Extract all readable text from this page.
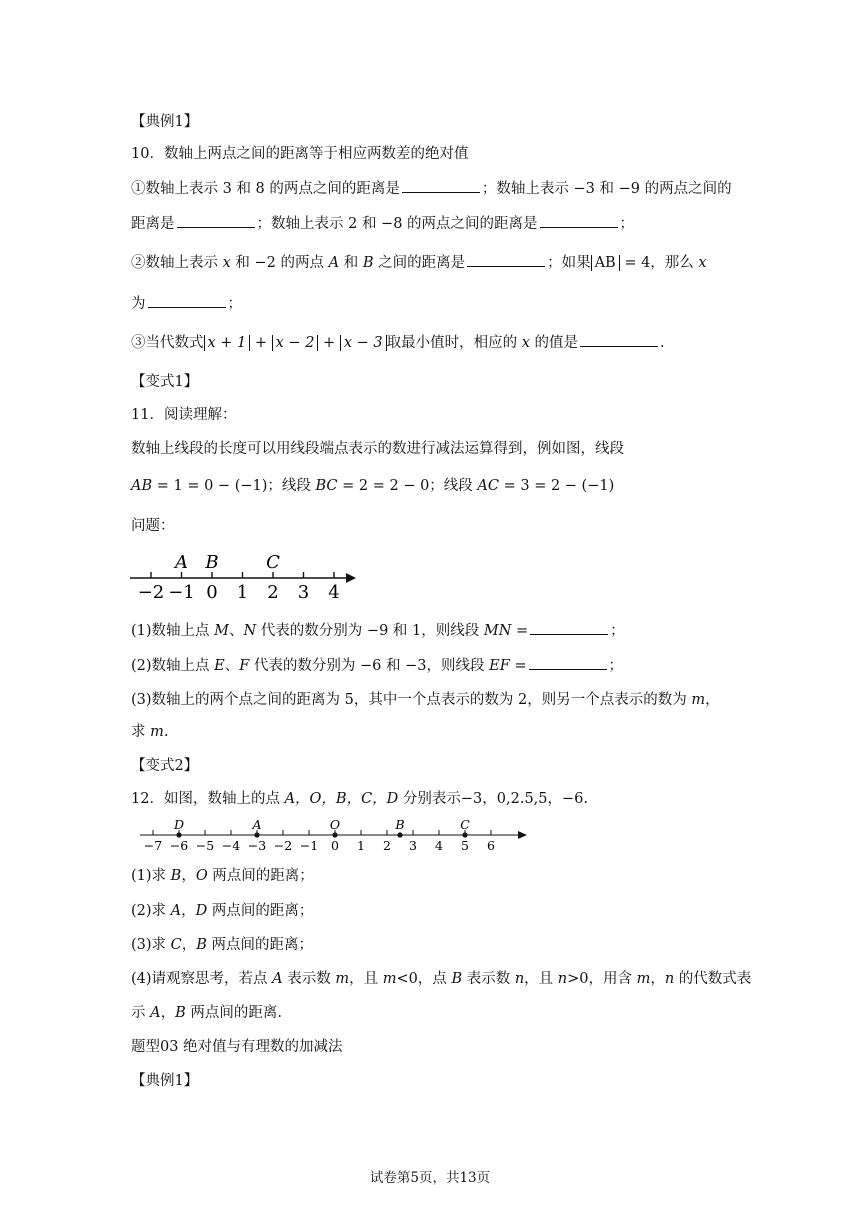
【典例1】
10．数轴上两点之间的距离等于相应两数差的绝对值
①数轴上表示 3 和 8 的两点之间的距离是	；数轴上表示 −3 和 −9 的两点之间的
距离是	；数轴上表示 2 和 −8 的两点之间的距离是	；
②数轴上表示 x 和 −2 的两点 A 和 B 之间的距离是	；如果 AB = 4，那么 x
为	；
③当代数式 x + 1 + x − 2 + x − 3 取最小值时，相应的 x 的值是	.
【变式1】
11．阅读理解：
数轴上线段的长度可以用线段端点表示的数进行减法运算得到，例如图，线段
AB = 1 = 0 − (−1)；线段 BC = 2 = 2 − 0；线段 AC = 3 = 2 − (−1)
问题：
−2 −1 0 1 2 3 4
A B	C
(1)数轴上点 M、N 代表的数分别为 −9 和 1，则线段 MN =	；
(2)数轴上点 E、F 代表的数分别为 −6 和 −3，则线段 EF =	；
(3)数轴上的两个点之间的距离为 5，其中一个点表示的数为 2，则另一个点表示的数为 m，
求 m.
【变式2】
12．如图，数轴上的点 A，O，B，C，D 分别表示−3，0,2.5,5，−6.
−7 −6 −5 −4 −3 −2 −1 0 1 2 3 4 5 6
D	A	O	B	C
(1)求 B，O 两点间的距离；
(2)求 A，D 两点间的距离；
(3)求 C，B 两点间的距离；
(4)请观察思考，若点 A 表示数 m，且 m<0，点 B 表示数 n，且 n>0，用含 m，n 的代数式表
示 A，B 两点间的距离.
题型03 绝对值与有理数的加减法
【典例1】
试卷第5页，共13页
